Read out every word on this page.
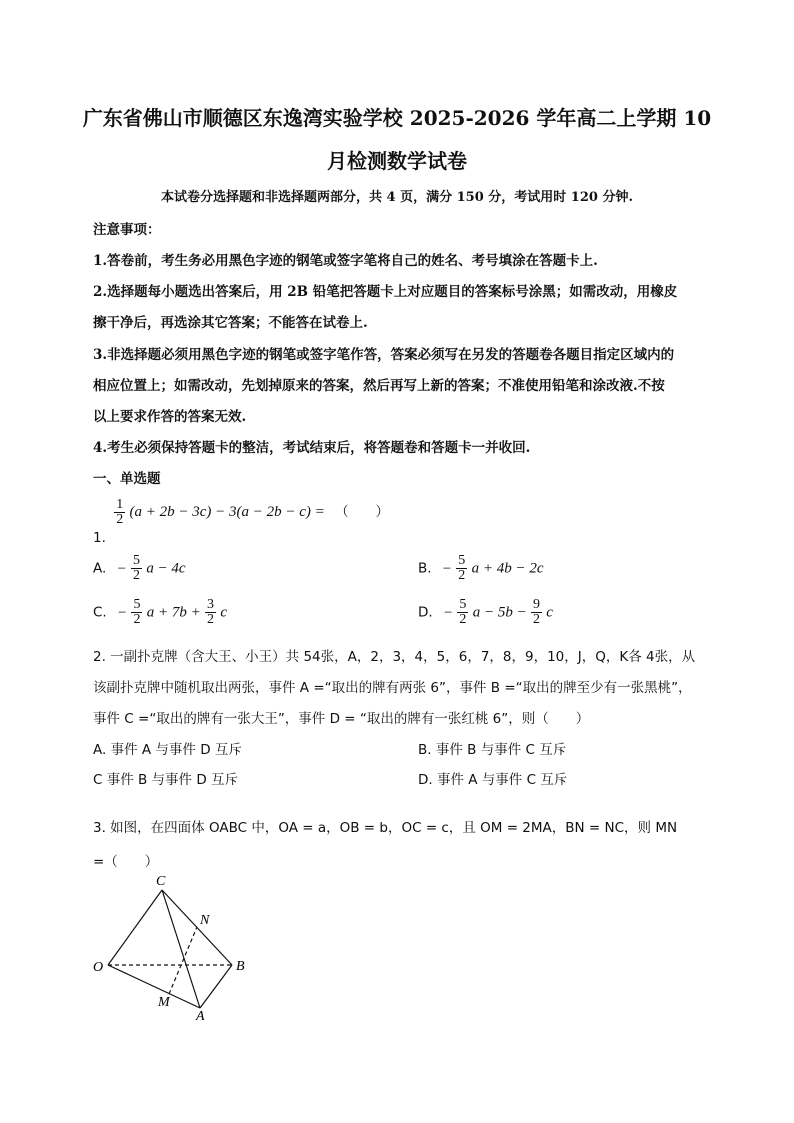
广东省佛山市顺德区东逸湾实验学校 2025-2026 学年高二上学期 10
月检测数学试卷
本试卷分选择题和非选择题两部分，共 4 页，满分 150 分，考试用时 120 分钟.
注意事项：
1.答卷前，考生务必用黑色字迹的钢笔或签字笔将自己的姓名、考号填涂在答题卡上.
2.选择题每小题选出答案后，用 2B 铅笔把答题卡上对应题目的答案标号涂黑；如需改动，用橡皮
擦干净后，再选涂其它答案；不能答在试卷上.
3.非选择题必须用黑色字迹的钢笔或签字笔作答，答案必须写在另发的答题卷各题目指定区域内的
相应位置上；如需改动，先划掉原来的答案，然后再写上新的答案；不准使用铅笔和涂改液.不按
以上要求作答的答案无效.
4.考生必须保持答题卡的整洁，考试结束后，将答题卷和答题卡一并收回.
一、单选题
1.
$\frac{1}{2} (a + 2b - 3c) - 3(a - 2b - c)$ = （　　）
A. − $\frac{5}{2}$ a − 4c	B. − $\frac{5}{2}$ a + 4b − 2c
C. − $\frac{5}{2}$ $a + 7b + \frac{3}{2}$ c	D. − $\frac{5}{2}$ $a - 5b - \frac{9}{2}$ c
2. 一副扑克牌（含大王、小王）共 54张，A，2，3，4，5，6，7，8，9，10，J，Q，K各 4张，从
该副扑克牌中随机取出两张，事件 A =“取出的牌有两张 6”，事件 B =“取出的牌至少有一张黑桃”，
事件 C =“取出的牌有一张大王”，事件 D = “取出的牌有一张红桃 6”，则（　　）
A. 事件 A 与事件 D 互斥	B. 事件 B 与事件 C 互斥
C 事件 B 与事件 D 互斥	D. 事件 A 与事件 C 互斥
3. 如图，在四面体 OABC 中，OA = a，OB = b，OC = c，且 OM = 2MA，BN = NC，则 MN
=（　　）
C
N
O	B
M
A
